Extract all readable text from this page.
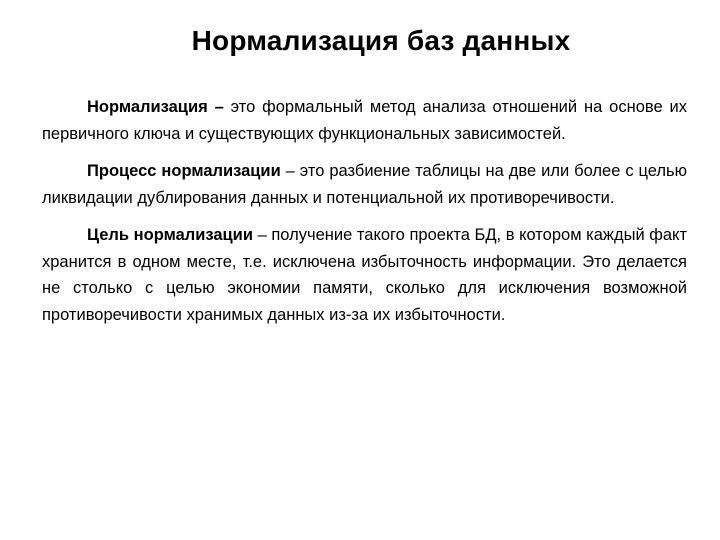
Нормализация баз данных

Нормализация – это формальный метод анализа отношений на основе их первичного ключа и существующих функциональных зависимостей.

Процесс нормализации – это разбиение таблицы на две или более с целью ликвидации дублирования данных и потенциальной их противоречивости.

Цель нормализации – получение такого проекта БД, в котором каждый факт хранится в одном месте, т.е. исключена избыточность информации. Это делается не столько с целью экономии памяти, сколько для исключения возможной противоречивости хранимых данных из-за их избыточности.
